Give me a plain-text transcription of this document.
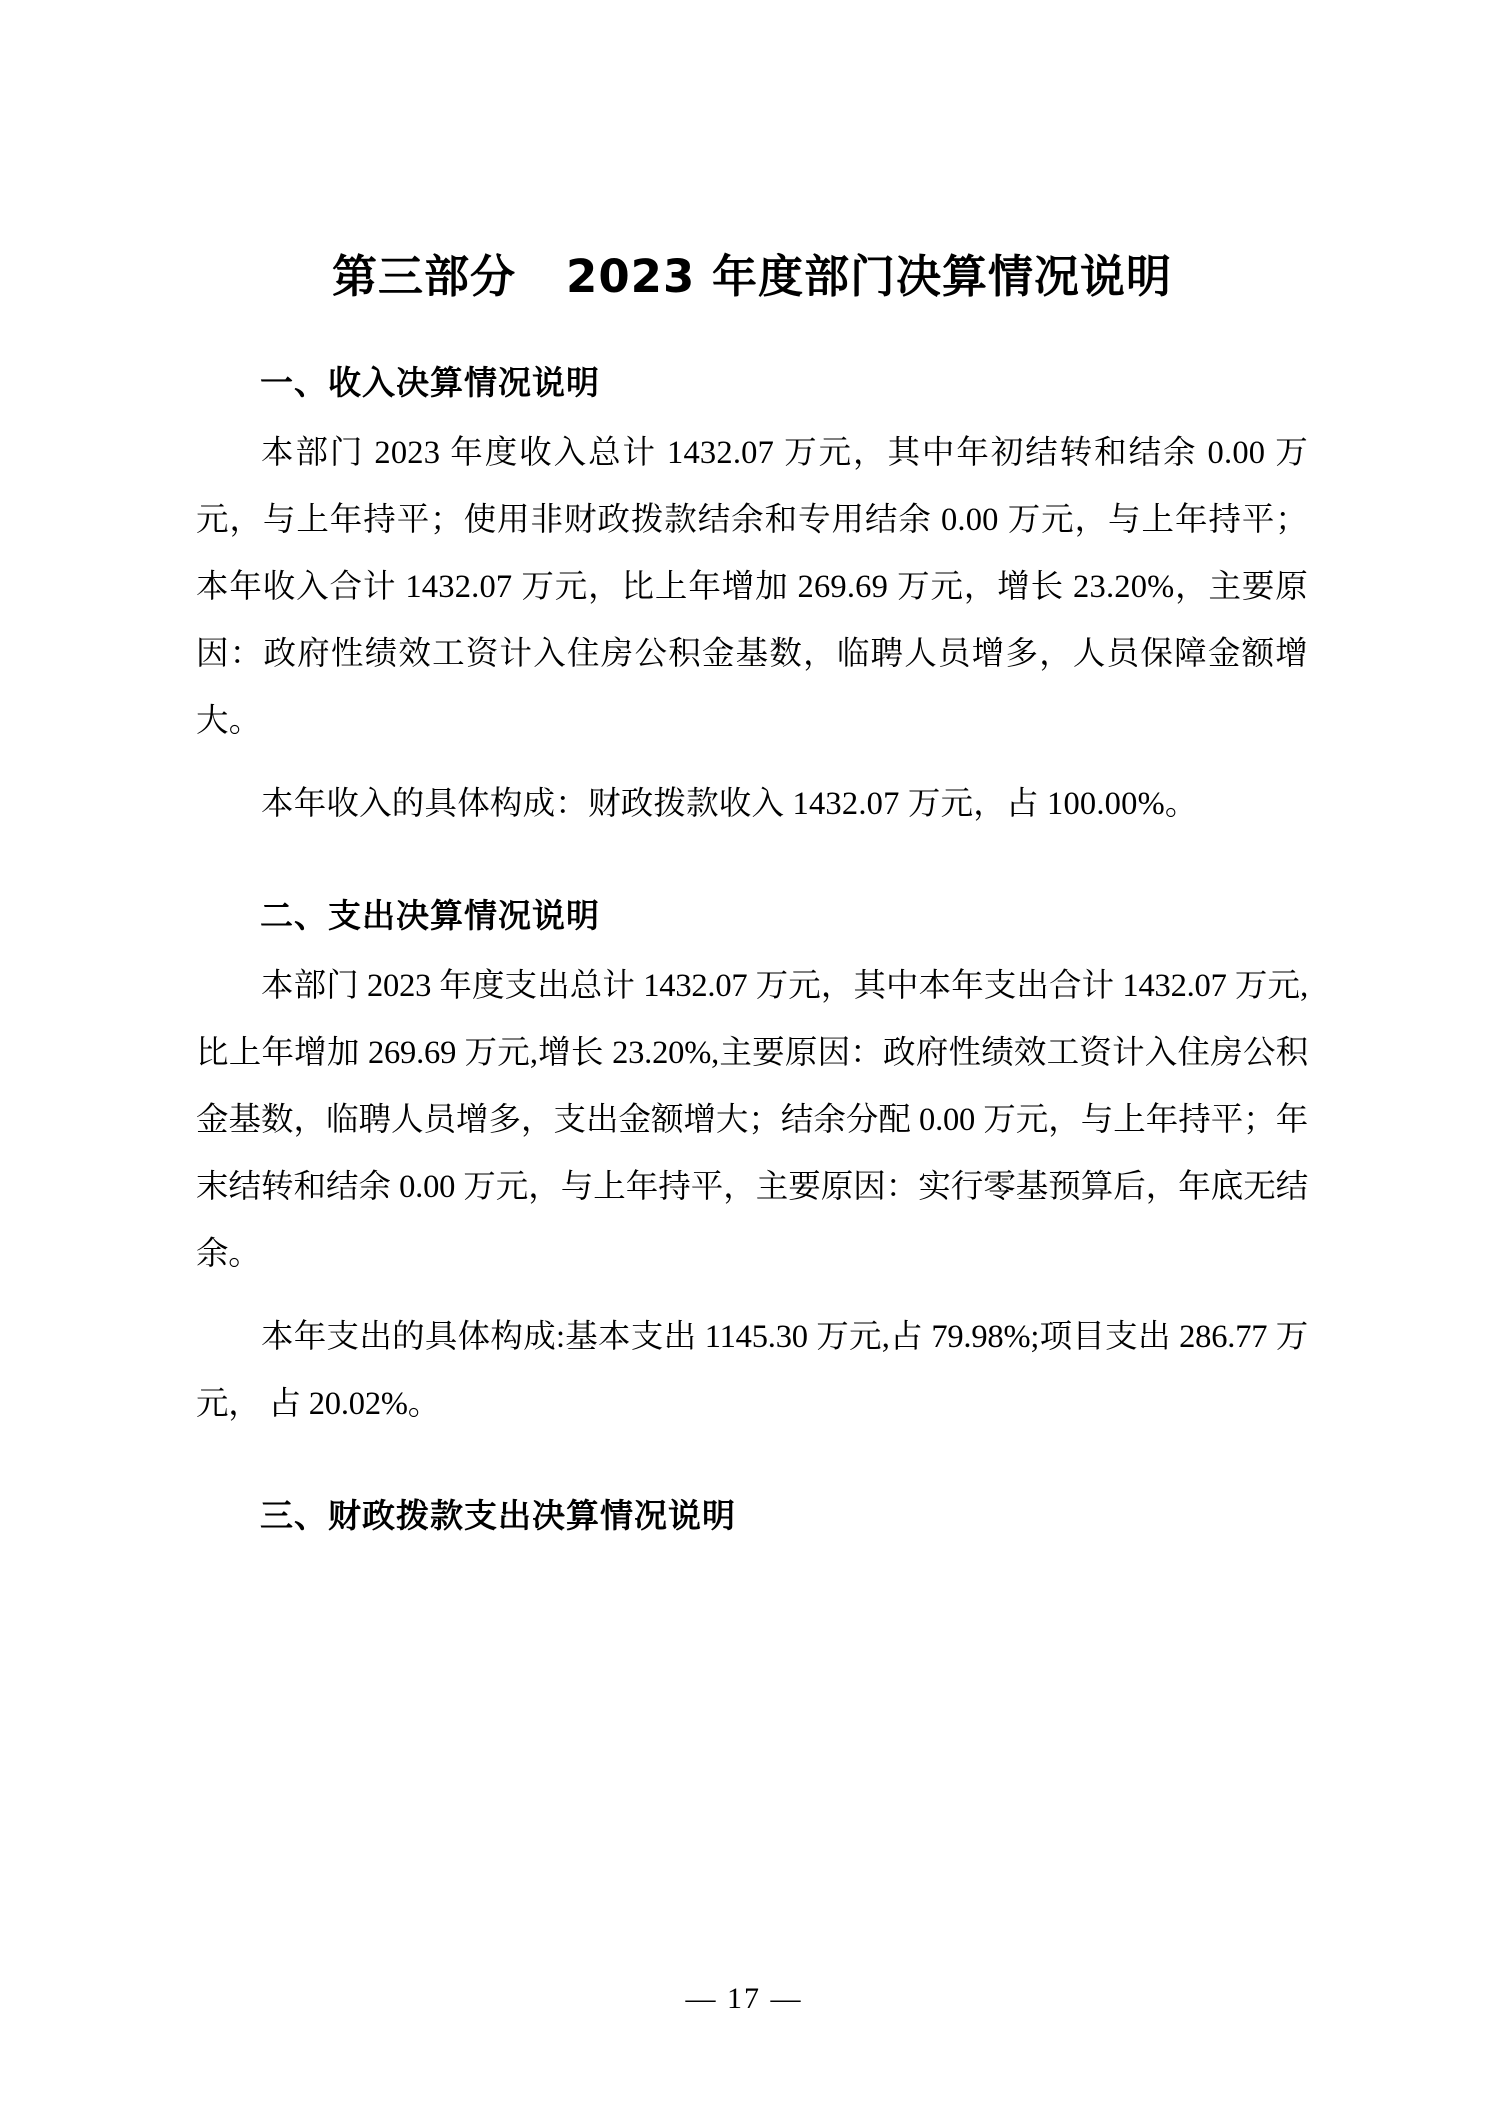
第三部分   2023 年度部门决算情况说明
一、收入决算情况说明

本部门 2023 年度收入总计 1432.07 万元，其中年初结转和结余 0.00 万元，与上年持平；使用非财政拨款结余和专用结余 0.00 万元，与上年持平；本年收入合计 1432.07 万元，比上年增加 269.69 万元，增长 23.20%，主要原因：政府性绩效工资计入住房公积金基数，临聘人员增多，人员保障金额增大。

本年收入的具体构成：财政拨款收入 1432.07 万元，占 100.00%。

二、支出决算情况说明

本部门 2023 年度支出总计 1432.07 万元，其中本年支出合计 1432.07 万元,比上年增加 269.69 万元,增长 23.20%,主要原因：政府性绩效工资计入住房公积金基数，临聘人员增多，支出金额增大；结余分配 0.00 万元，与上年持平；年末结转和结余 0.00 万元，与上年持平，主要原因：实行零基预算后，年底无结余。

本年支出的具体构成:基本支出 1145.30 万元,占 79.98%;项目支出 286.77 万元， 占 20.02%。

三、财政拨款支出决算情况说明
— 17 —
